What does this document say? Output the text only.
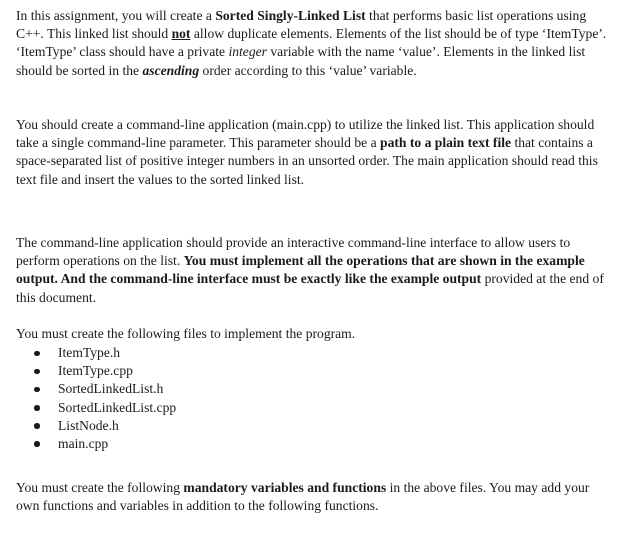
In this assignment, you will create a Sorted Singly-Linked List that performs basic list operations using C++. This linked list should not allow duplicate elements. Elements of the list should be of type ‘ItemType’. ‘ItemType’ class should have a private integer variable with the name ‘value’. Elements in the linked list should be sorted in the ascending order according to this ‘value’ variable.

You should create a command-line application (main.cpp) to utilize the linked list. This application should take a single command-line parameter. This parameter should be a path to a plain text file that contains a space-separated list of positive integer numbers in an unsorted order. The main application should read this text file and insert the values to the sorted linked list.

The command-line application should provide an interactive command-line interface to allow users to perform operations on the list. You must implement all the operations that are shown in the example output. And the command-line interface must be exactly like the example output provided at the end of this document.

You must create the following files to implement the program.

ItemType.h
ItemType.cpp
SortedLinkedList.h
SortedLinkedList.cpp
ListNode.h
main.cpp

You must create the following mandatory variables and functions in the above files. You may add your own functions and variables in addition to the following functions.
